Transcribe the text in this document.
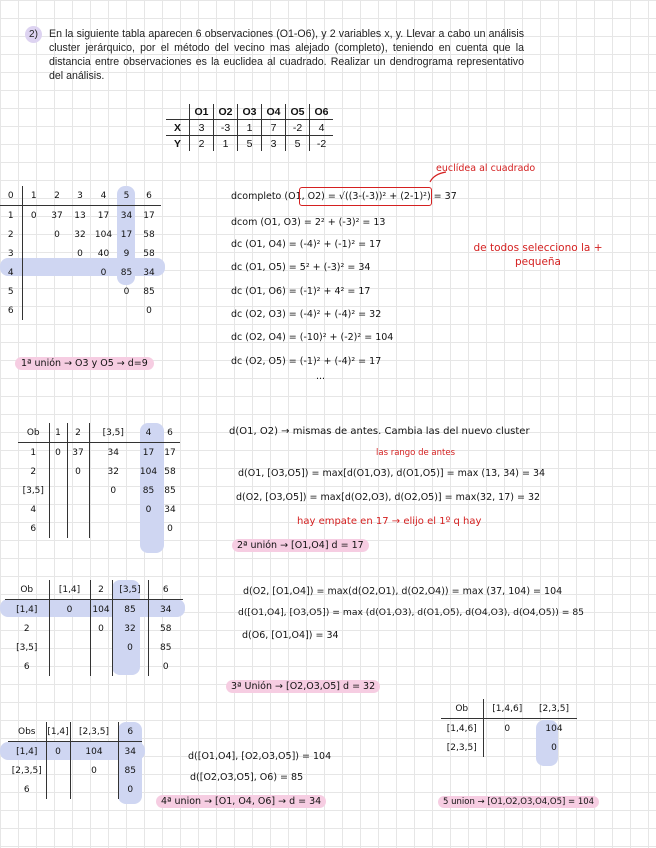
2)	En la siguiente tabla aparecen 6 observaciones (O1-O6), y 2 variables x, y. Llevar a cabo un análisis cluster jerárquico, por el método del vecino mas alejado (completo), teniendo en cuenta que la distancia entre observaciones es la euclidea al cuadrado. Realizar un dendrograma representativo del análisis.
	O1	O2	O3	O4	O5	O6
X	3	-3	1	7	-2	4
Y	2	1	5	3	5	-2
0	1	2	3	4	5	6
1	0	37	13	17	34	17
2		0	32	104	17	58
3			0	40	9	58
4				0	85	34
5					0	85
6						0
1ª unión → O3 y O5 → d=9
dcompleto (O1, O2) = √((3-(-3))² + (2-1)²) = 37
dcom (O1, O3) = 2² + (-3)² = 13
dc (O1, O4) = (-4)² + (-1)² = 17
dc (O1, O5) = 5² + (-3)² = 34
dc (O1, O6) = (-1)² + 4² = 17
dc (O2, O3) = (-4)² + (-4)² = 32
dc (O2, O4) = (-10)² + (-2)² = 104
dc (O2, O5) = (-1)² + (-4)² = 17
...
euclídea al cuadrado
de todos selecciono la + pequeña
Ob	1	2	[3,5]	4	6
1	0	37	34	17	17
2		0	32	104	58
[3,5]			0	85	85
4				0	34
6					0
d(O1, O2) → mismas de antes. Cambia las del nuevo cluster
las rango de antes
d(O1, [O3,O5]) = max[d(O1,O3), d(O1,O5)] = max (13, 34) = 34
d(O2, [O3,O5]) = max[d(O2,O3), d(O2,O5)] = max(32, 17) = 32
hay empate en 17 → elijo el 1º q hay
2ª unión → [O1,O4] d = 17
Ob	[1,4]	2	[3,5]	6
[1,4]	0	104	85	34
2		0	32	58
[3,5]			0	85
6				0
d(O2, [O1,O4]) = max(d(O2,O1), d(O2,O4)) = max (37, 104) = 104
d([O1,O4], [O3,O5]) = max (d(O1,O3), d(O1,O5), d(O4,O3), d(O4,O5)) = 85
d(O6, [O1,O4]) = 34
3ª Unión → [O2,O3,O5] d = 32
Obs	[1,4]	[2,3,5]	6
[1,4]	0	104	34
[2,3,5]		0	85
6			0
d([O1,O4], [O2,O3,O5]) = 104
d([O2,O3,O5], O6) = 85
4ª union → [O1, O4, O6] → d = 34
Ob	[1,4,6]	[2,3,5]
[1,4,6]	0	104
[2,3,5]		0
5 union → [O1,O2,O3,O4,O5] = 104
